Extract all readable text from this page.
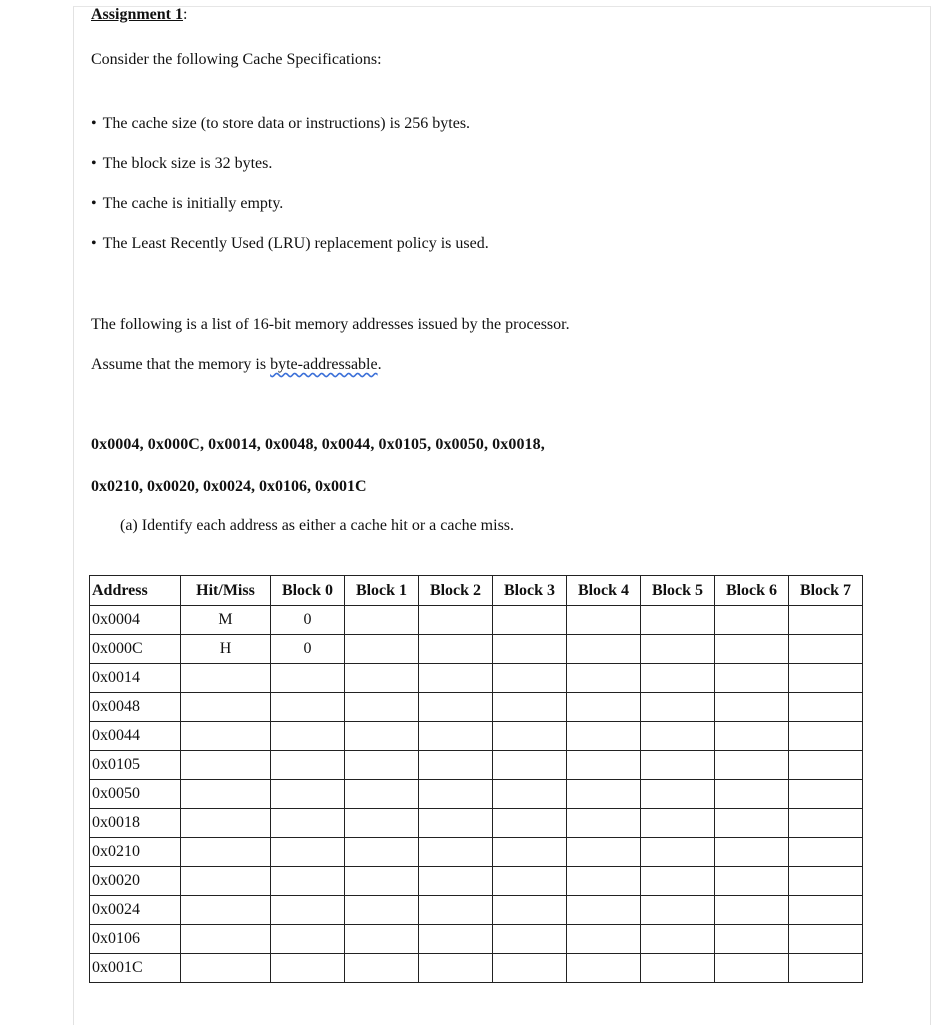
Assignment 1:

Consider the following Cache Specifications:

• The cache size (to store data or instructions) is 256 bytes.
• The block size is 32 bytes.
• The cache is initially empty.
• The Least Recently Used (LRU) replacement policy is used.

The following is a list of 16-bit memory addresses issued by the processor.

Assume that the memory is byte-addressable.

0x0004, 0x000C, 0x0014, 0x0048, 0x0044, 0x0105, 0x0050, 0x0018,

0x0210, 0x0020, 0x0024, 0x0106, 0x001C

(a) Identify each address as either a cache hit or a cache miss.

Address	Hit/Miss	Block 0	Block 1	Block 2	Block 3	Block 4	Block 5	Block 6	Block 7
0x0004	M	0							
0x000C	H	0							
0x0014									
0x0048									
0x0044									
0x0105									
0x0050									
0x0018									
0x0210									
0x0020									
0x0024									
0x0106									
0x001C									
